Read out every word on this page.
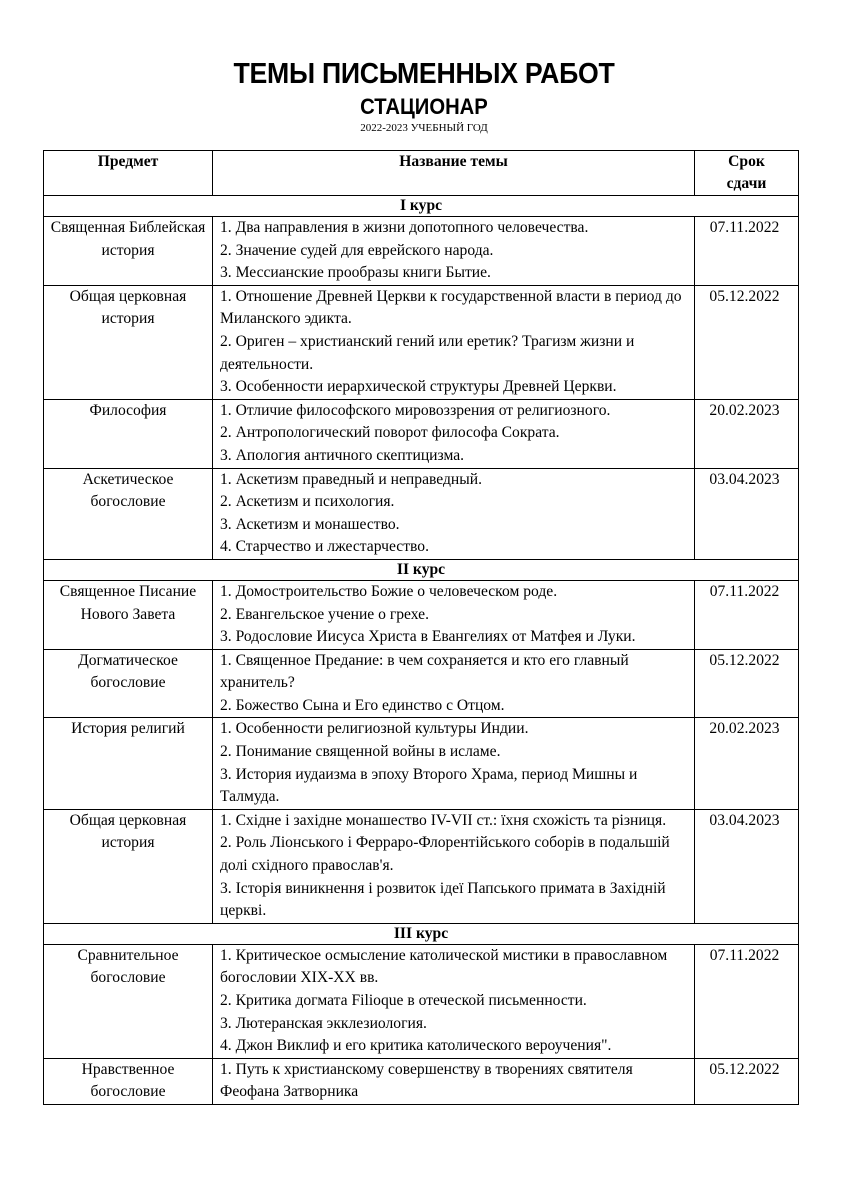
ТЕМЫ ПИСЬМЕННЫХ РАБОТ
СТАЦИОНАР
2022-2023 УЧЕБНЫЙ ГОД
Предмет	Название темы	Срок
сдачи

I курс		
Священная Библейская история	1. Два направления в жизни допотопного человечества.
2. Значение судей для еврейского народа.
3. Мессианские прообразы книги Бытие.	07.11.2022
Общая церковная история	1. Отношение Древней Церкви к государственной власти в период до Миланского эдикта.
2. Ориген – христианский гений или еретик? Трагизм жизни и деятельности.
3. Особенности иерархической структуры Древней Церкви.	05.12.2022
Философия	1. Отличие философского мировоззрения от религиозного.
2. Антропологический поворот философа Сократа.
3. Апология античного скептицизма.	20.02.2023
Аскетическое богословие	1. Аскетизм праведный и неправедный.
2. Аскетизм и психология.
3. Аскетизм и монашество.
4. Старчество и лжестарчество.	03.04.2023
II курс		
Священное Писание Нового Завета	1. Домостроительство Божие о человеческом роде.
2. Евангельское учение о грехе.
3. Родословие Иисуса Христа в Евангелиях от Матфея и Луки.	07.11.2022
Догматическое богословие	1. Священное Предание: в чем сохраняется и кто его главный хранитель?
2. Божество Сына и Его единство с Отцом.	05.12.2022
История религий	1. Особенности религиозной культуры Индии.
2. Понимание священной войны в исламе.
3. История иудаизма в эпоху Второго Храма, период Мишны и Талмуда.	20.02.2023
Общая церковная история	1. Східне і західне монашество IV-VII ст.: їхня схожість та різниця.
2. Роль Ліонського і Ферраро-Флорентійського соборів в подальшій долі східного православ'я.
3. Історія виникнення і розвиток ідеї Папського примата в Західній церкві.	03.04.2023
III курс		
Сравнительное богословие	1. Критическое осмысление католической мистики в православном богословии XIX-XX вв.
2. Критика догмата Filioque в отеческой письменности.
3. Лютеранская экклезиология.
4. Джон Виклиф и его критика католического вероучения".	07.11.2022
Нравственное богословие	1. Путь к христианскому совершенству в творениях святителя Феофана Затворника	05.12.2022
